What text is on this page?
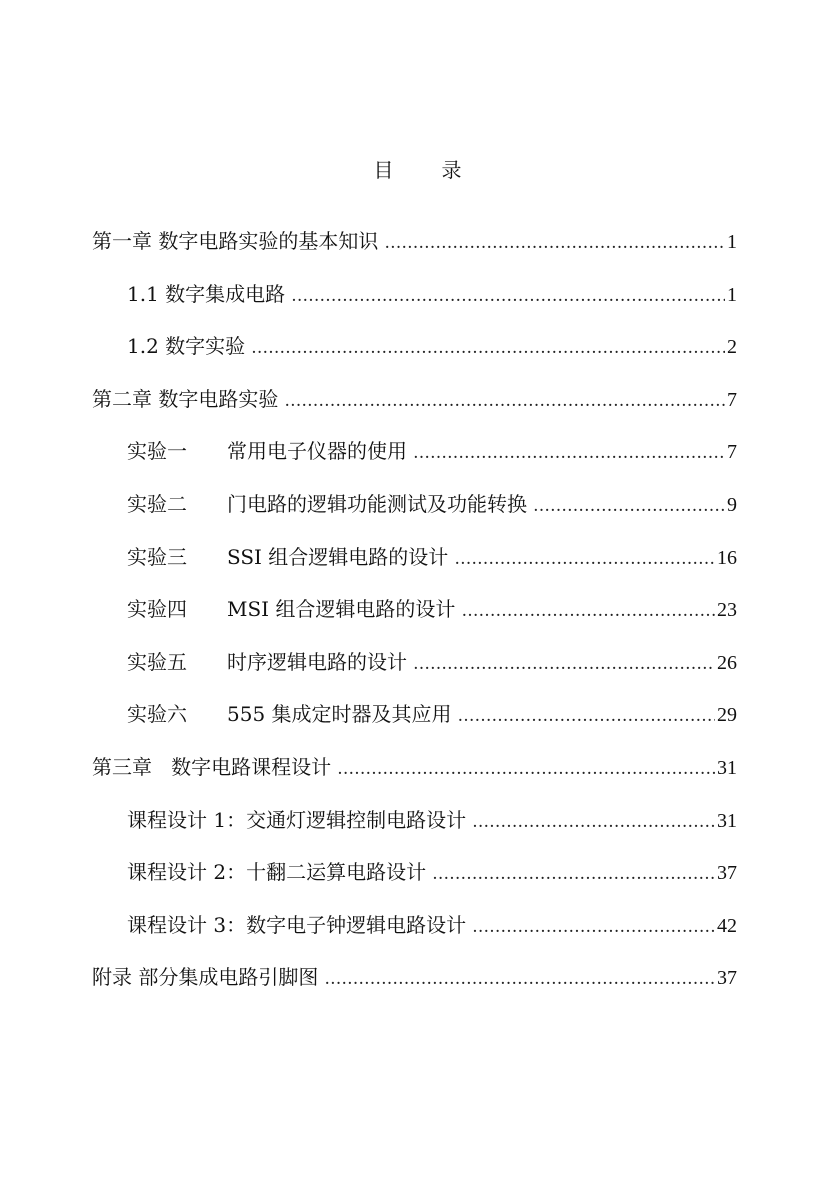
目 录
第一章 数字电路实验的基本知识 ……………………………………………………………………………………………………………………………………	1
1.1 数字集成电路 ……………………………………………………………………………………………………………………………………	1
1.2 数字实验 ……………………………………………………………………………………………………………………………………	2
第二章 数字电路实验 ……………………………………………………………………………………………………………………………………	7
实验一 常用电子仪器的使用 ……………………………………………………………………………………………………………………………………	7
实验二 门电路的逻辑功能测试及功能转换 ……………………………………………………………………………………………………………………………………	9
实验三 SSI 组合逻辑电路的设计 ……………………………………………………………………………………………………………………………………	16
实验四 MSI 组合逻辑电路的设计 ……………………………………………………………………………………………………………………………………	23
实验五 时序逻辑电路的设计 ……………………………………………………………………………………………………………………………………	26
实验六 555 集成定时器及其应用 ……………………………………………………………………………………………………………………………………	29
第三章 数字电路课程设计 ……………………………………………………………………………………………………………………………………	31
课程设计 1：交通灯逻辑控制电路设计 ……………………………………………………………………………………………………………………………………	31
课程设计 2：十翻二运算电路设计 ……………………………………………………………………………………………………………………………………	37
课程设计 3：数字电子钟逻辑电路设计 ……………………………………………………………………………………………………………………………………	42
附录 部分集成电路引脚图 ……………………………………………………………………………………………………………………………………	37
